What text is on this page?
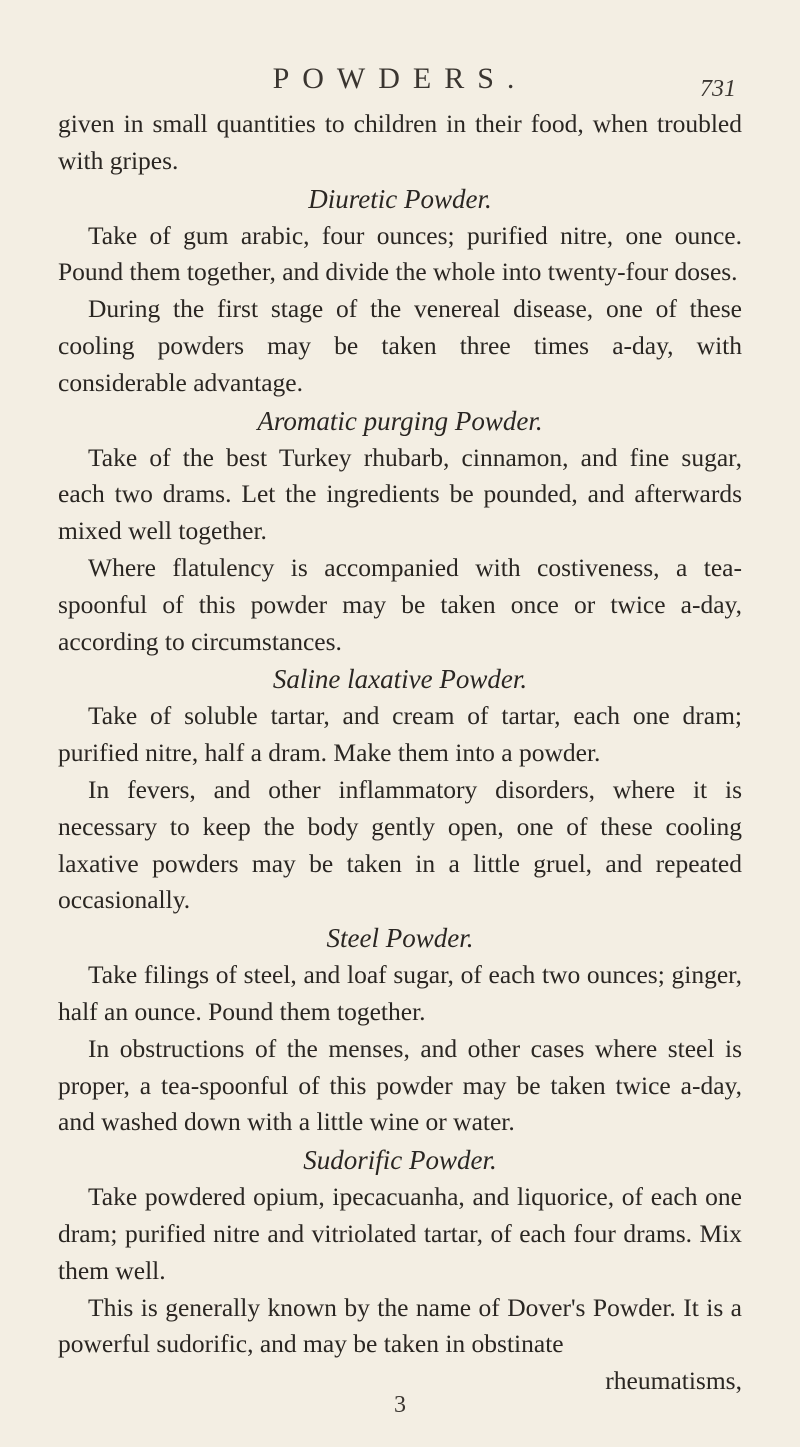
POWDERS.	731

given in small quantities to children in their food, when troubled with gripes.

Diuretic Powder.

Take of gum arabic, four ounces; purified nitre, one ounce. Pound them together, and divide the whole into twenty-four doses.

During the first stage of the venereal disease, one of these cooling powders may be taken three times a-day, with considerable advantage.

Aromatic purging Powder.

Take of the best Turkey rhubarb, cinnamon, and fine sugar, each two drams. Let the ingredients be pounded, and afterwards mixed well together.

Where flatulency is accompanied with costiveness, a tea-spoonful of this powder may be taken once or twice a-day, according to circumstances.

Saline laxative Powder.

Take of soluble tartar, and cream of tartar, each one dram; purified nitre, half a dram. Make them into a powder.

In fevers, and other inflammatory disorders, where it is necessary to keep the body gently open, one of these cooling laxative powders may be taken in a little gruel, and repeated occasionally.

Steel Powder.

Take filings of steel, and loaf sugar, of each two ounces; ginger, half an ounce. Pound them together.

In obstructions of the menses, and other cases where steel is proper, a tea-spoonful of this powder may be taken twice a-day, and washed down with a little wine or water.

Sudorific Powder.

Take powdered opium, ipecacuanha, and liquorice, of each one dram; purified nitre and vitriolated tartar, of each four drams. Mix them well.

This is generally known by the name of Dover's Powder. It is a powerful sudorific, and may be taken in obstinate

rheumatisms,

3
